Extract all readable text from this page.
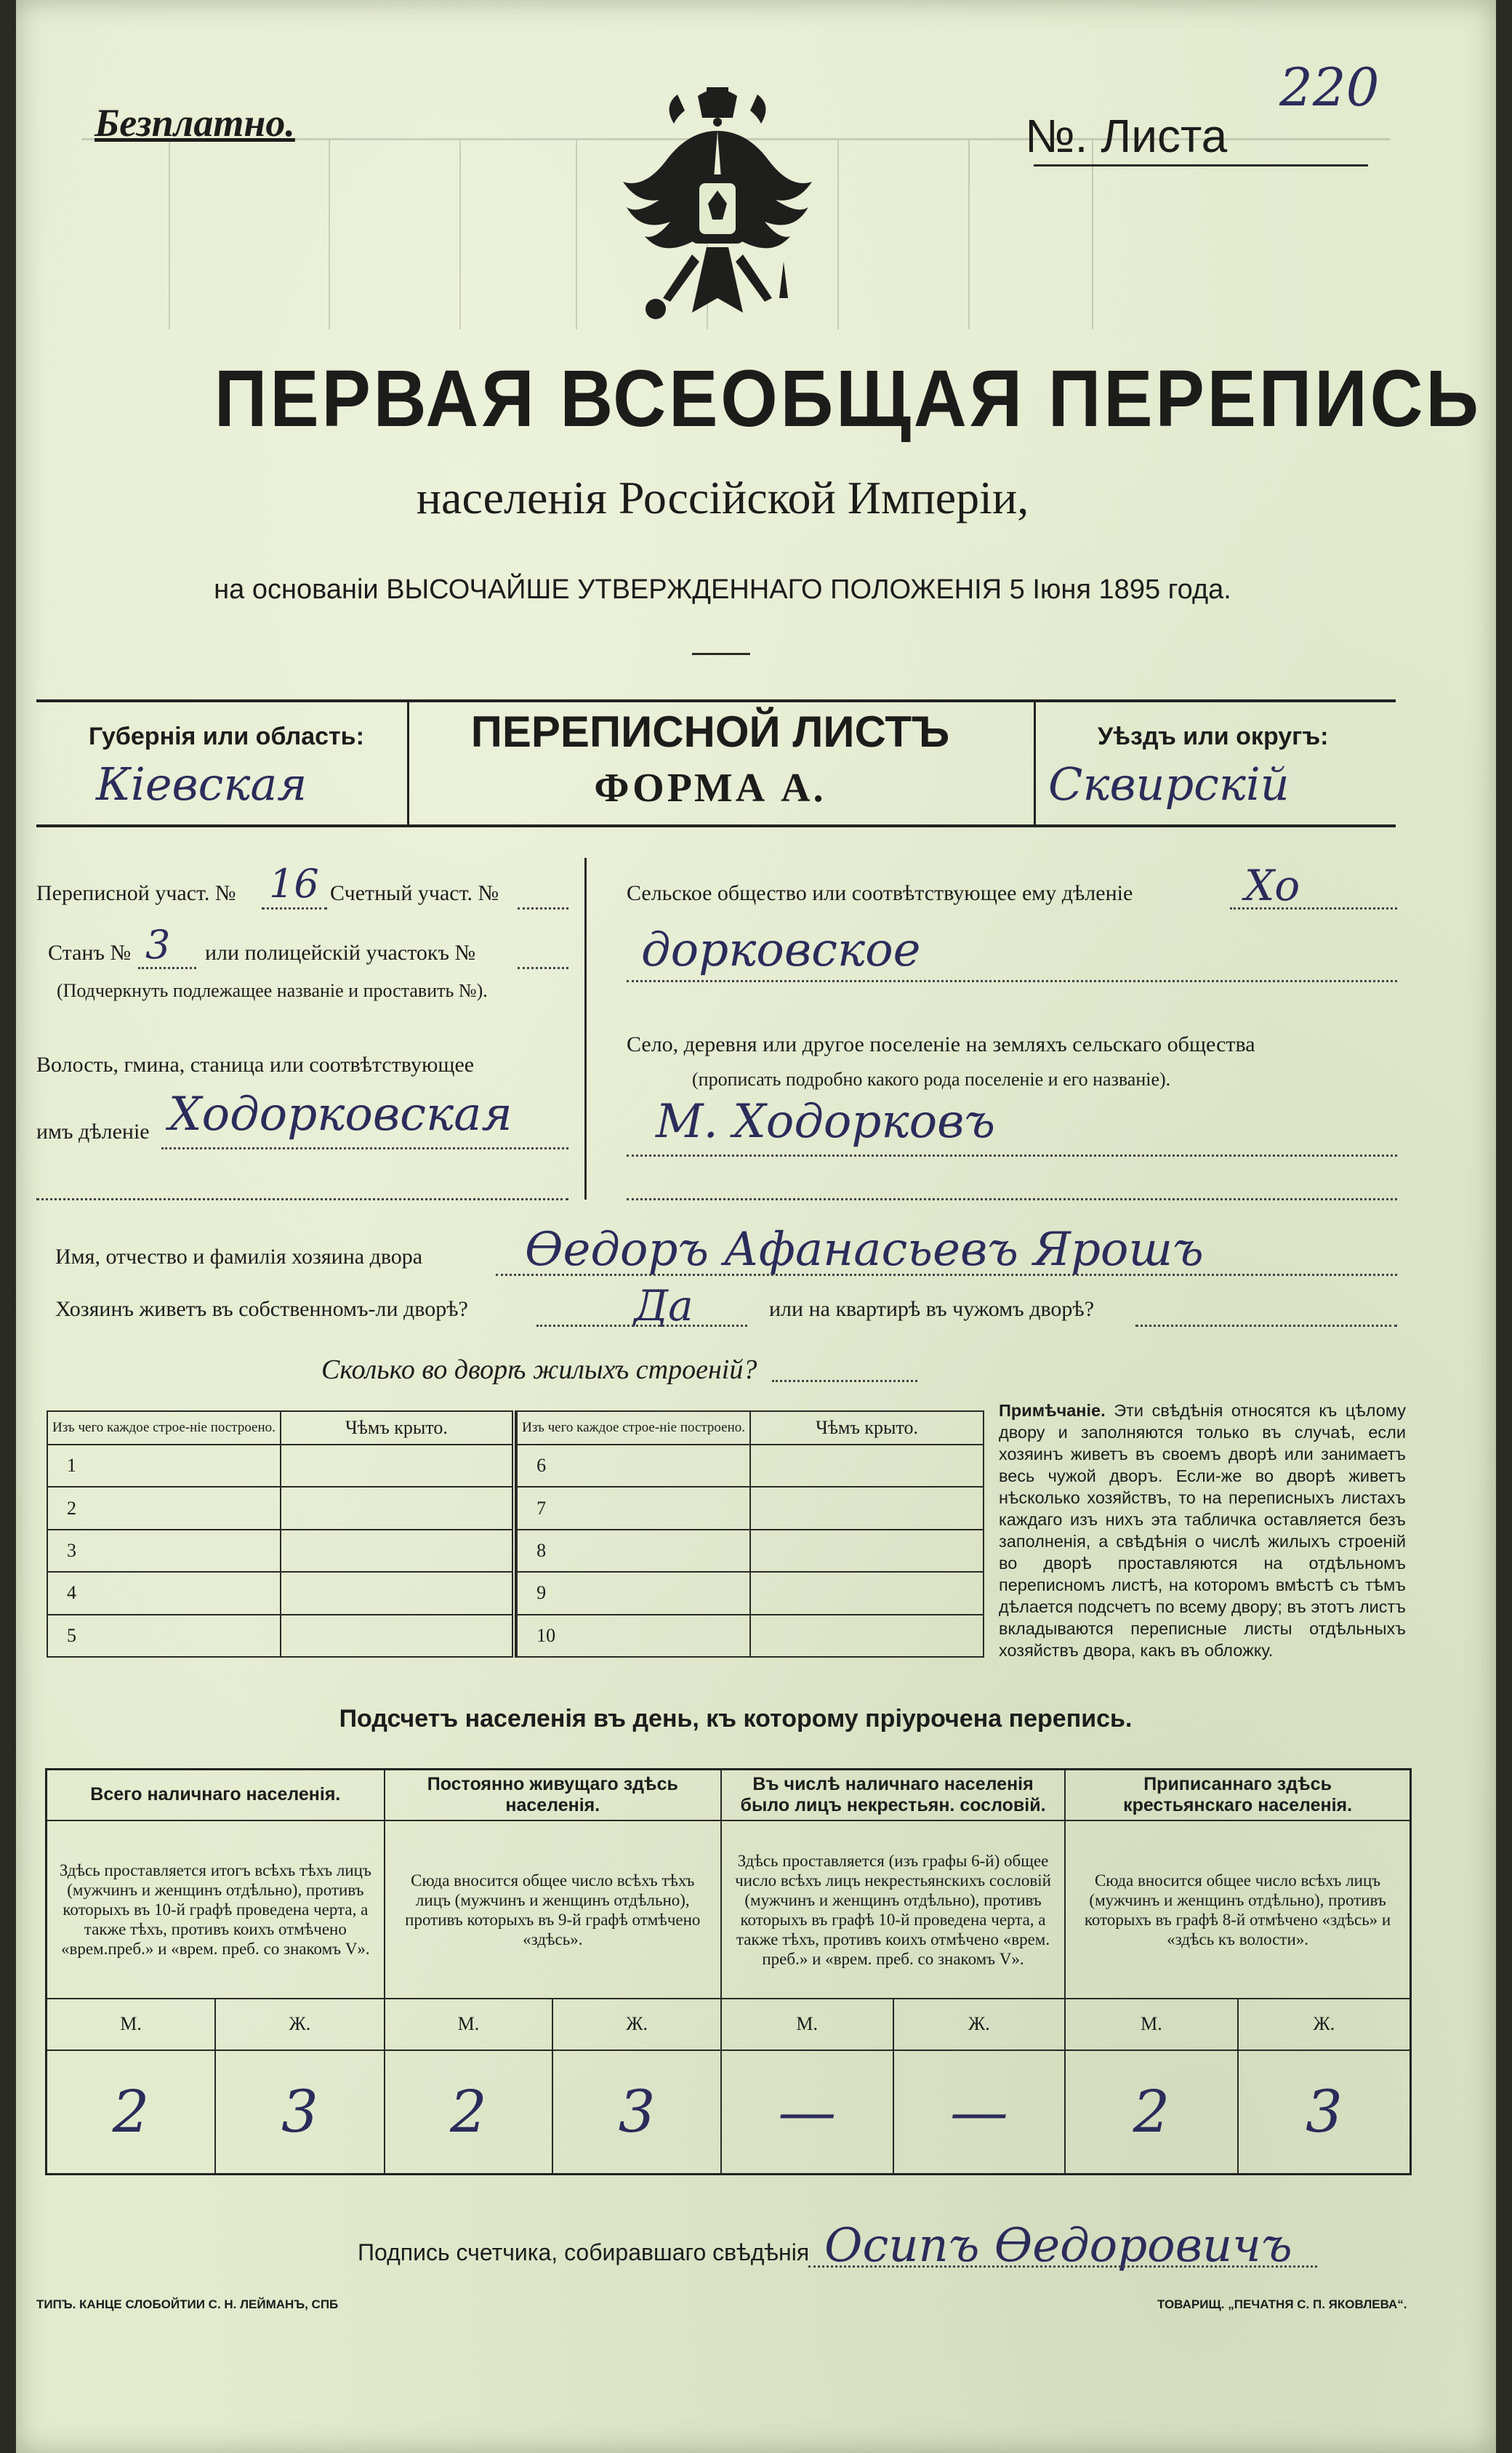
Безплатно.	№. Листа
220
ПЕРВАЯ ВСЕОБЩАЯ ПЕРЕПИСЬ
населенія Россійской Имперіи,
на основаніи ВЫСОЧАЙШЕ УТВЕРЖДЕННАГО ПОЛОЖЕНІЯ 5 Іюня 1895 года.
Губернія или область:
Кіевская
ПЕРЕПИСНОЙ ЛИСТЪ
ФОРМА А.
Уѣздъ или округъ:
Сквирскій
Переписной участ. № 16 Счетный участ. №
Станъ № 3 или полицейскій участокъ №
(Подчеркнуть подлежащее названіе и проставить №).
Волость, гмина, станица или соотвѣтствующее
имъ дѣленіе Ходорковская
Сельское общество или соотвѣтствующее ему дѣленіе	Хо
дорковское
Село, деревня или другое поселеніе на земляхъ сельскаго общества
(прописать подробно какого рода поселеніе и его названіе).
М. Ходорковъ
Имя, отчество и фамилія хозяина двора Ѳедоръ Афанасьевъ Ярошъ
Хозяинъ живетъ въ собственномъ-ли дворѣ?	Да	или на квартирѣ въ чужомъ дворѣ?
Сколько во дворѣ жилыхъ строеній?
Изъ чего каждое строе-ніе построено.	Чѣмъ крыто.		Изъ чего каждое строе-ніе построено.	Чѣмъ крыто.
1			6	
2			7	
3			8	
4			9	
5			10	
Примѣчаніе. Эти свѣдѣнія относятся къ цѣлому двору и заполняются только въ случаѣ, если хозяинъ живетъ въ своемъ дворѣ или занимаетъ весь чужой дворъ. Если-же во дворѣ живетъ нѣсколько хозяйствъ, то на переписныхъ листахъ каждаго изъ нихъ эта табличка оставляется безъ заполненія, а свѣдѣнія о числѣ жилыхъ строеній во дворѣ проставляются на отдѣльномъ переписномъ листѣ, на которомъ вмѣстѣ съ тѣмъ дѣлается подсчетъ по всему двору; въ этотъ листъ вкладываются переписные листы отдѣльныхъ хозяйствъ двора, какъ въ обложку.
Подсчетъ населенія въ день, къ которому пріурочена перепись.
Всего наличнаго населенія.		Постоянно живущаго здѣсь населенія.		Въ числѣ наличнаго населенія было лицъ некрестьян. сословій.		Приписаннаго здѣсь крестьянскаго населенія.	
Здѣсь проставляется итогъ всѣхъ тѣхъ лицъ (мужчинъ и женщинъ отдѣльно), противъ которыхъ въ 10-й графѣ проведена черта, а также тѣхъ, противъ коихъ отмѣчено «врем.преб.» и «врем. преб. со знакомъ V».		Сюда вносится общее число всѣхъ тѣхъ лицъ (мужчинъ и женщинъ отдѣльно), противъ которыхъ въ 9-й графѣ отмѣчено «здѣсь».		Здѣсь проставляется (изъ графы 6-й) общее число всѣхъ лицъ некрестьянскихъ сословій (мужчинъ и женщинъ отдѣльно), противъ которыхъ въ графѣ 10-й проведена черта, а также тѣхъ, противъ коихъ отмѣчено «врем. преб.» и «врем. преб. со знакомъ V».		Сюда вносится общее число всѣхъ лицъ (мужчинъ и женщинъ отдѣльно), противъ которыхъ въ графѣ 8-й отмѣчено «здѣсь» и «здѣсь къ волости».	
М.	Ж.	М.	Ж.	М.	Ж.	М.	Ж.
2	3	2	3	—	—	2	3
Подпись счетчика, собиравшаго свѣдѣнія Осипъ Ѳедоровичъ
ТИПЪ. КАНЦЕ СЛОБОЙТИИ С. Н. ЛЕЙМАНЪ, СПБ	ТОВАРИЩ. „ПЕЧАТНЯ С. П. ЯКОВЛЕВА“.
